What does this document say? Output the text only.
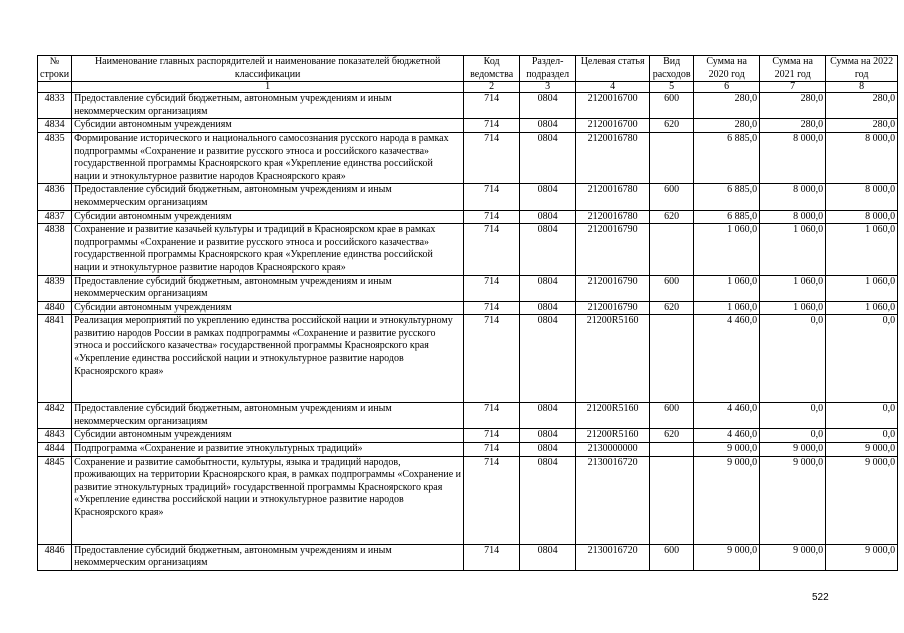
№ строки	Наименование главных распорядителей и наименование показателей бюджетной классификации	Код ведомства	Раздел-подраздел	Целевая статья	Вид расходов	Сумма на 2020 год	Сумма на 2021 год	Сумма на 2022 год
	1	2	3	4	5	6	7	8
4833	Предоставление субсидий бюджетным, автономным учреждениям и иным некоммерческим организациям	714	0804	2120016700	600	280,0	280,0	280,0
4834	Субсидии автономным учреждениям	714	0804	2120016700	620	280,0	280,0	280,0
4835	Формирование исторического и национального самосознания русского народа в рамках подпрограммы «Сохранение и развитие русского этноса и российского казачества» государственной программы Красноярского края «Укрепление единства российской нации и этнокультурное развитие народов Красноярского края»	714	0804	2120016780		6 885,0	8 000,0	8 000,0
4836	Предоставление субсидий бюджетным, автономным учреждениям и иным некоммерческим организациям	714	0804	2120016780	600	6 885,0	8 000,0	8 000,0
4837	Субсидии автономным учреждениям	714	0804	2120016780	620	6 885,0	8 000,0	8 000,0
4838	Сохранение и развитие казачьей культуры и традиций в Красноярском крае в рамках подпрограммы «Сохранение и развитие русского этноса и российского казачества» государственной программы Красноярского края «Укрепление единства российской нации и этнокультурное развитие народов Красноярского края»	714	0804	2120016790		1 060,0	1 060,0	1 060,0
4839	Предоставление субсидий бюджетным, автономным учреждениям и иным некоммерческим организациям	714	0804	2120016790	600	1 060,0	1 060,0	1 060,0
4840	Субсидии автономным учреждениям	714	0804	2120016790	620	1 060,0	1 060,0	1 060,0
4841	Реализация мероприятий по укреплению единства российской нации и этнокультурному развитию народов России в рамках подпрограммы «Сохранение и развитие русского этноса и российского казачества» государственной программы Красноярского края «Укрепление единства российской нации и этнокультурное развитие народов Красноярского края»	714	0804	21200R5160		4 460,0	0,0	0,0
4842	Предоставление субсидий бюджетным, автономным учреждениям и иным некоммерческим организациям	714	0804	21200R5160	600	4 460,0	0,0	0,0
4843	Субсидии автономным учреждениям	714	0804	21200R5160	620	4 460,0	0,0	0,0
4844	Подпрограмма «Сохранение и развитие этнокультурных традиций»	714	0804	2130000000		9 000,0	9 000,0	9 000,0
4845	Сохранение и развитие самобытности, культуры, языка и традиций народов, проживающих на территории Красноярского края, в рамках подпрограммы «Сохранение и развитие этнокультурных традиций» государственной программы Красноярского края «Укрепление единства российской нации и этнокультурное развитие народов Красноярского края»	714	0804	2130016720		9 000,0	9 000,0	9 000,0
4846	Предоставление субсидий бюджетным, автономным учреждениям и иным некоммерческим организациям	714	0804	2130016720	600	9 000,0	9 000,0	9 000,0
522
